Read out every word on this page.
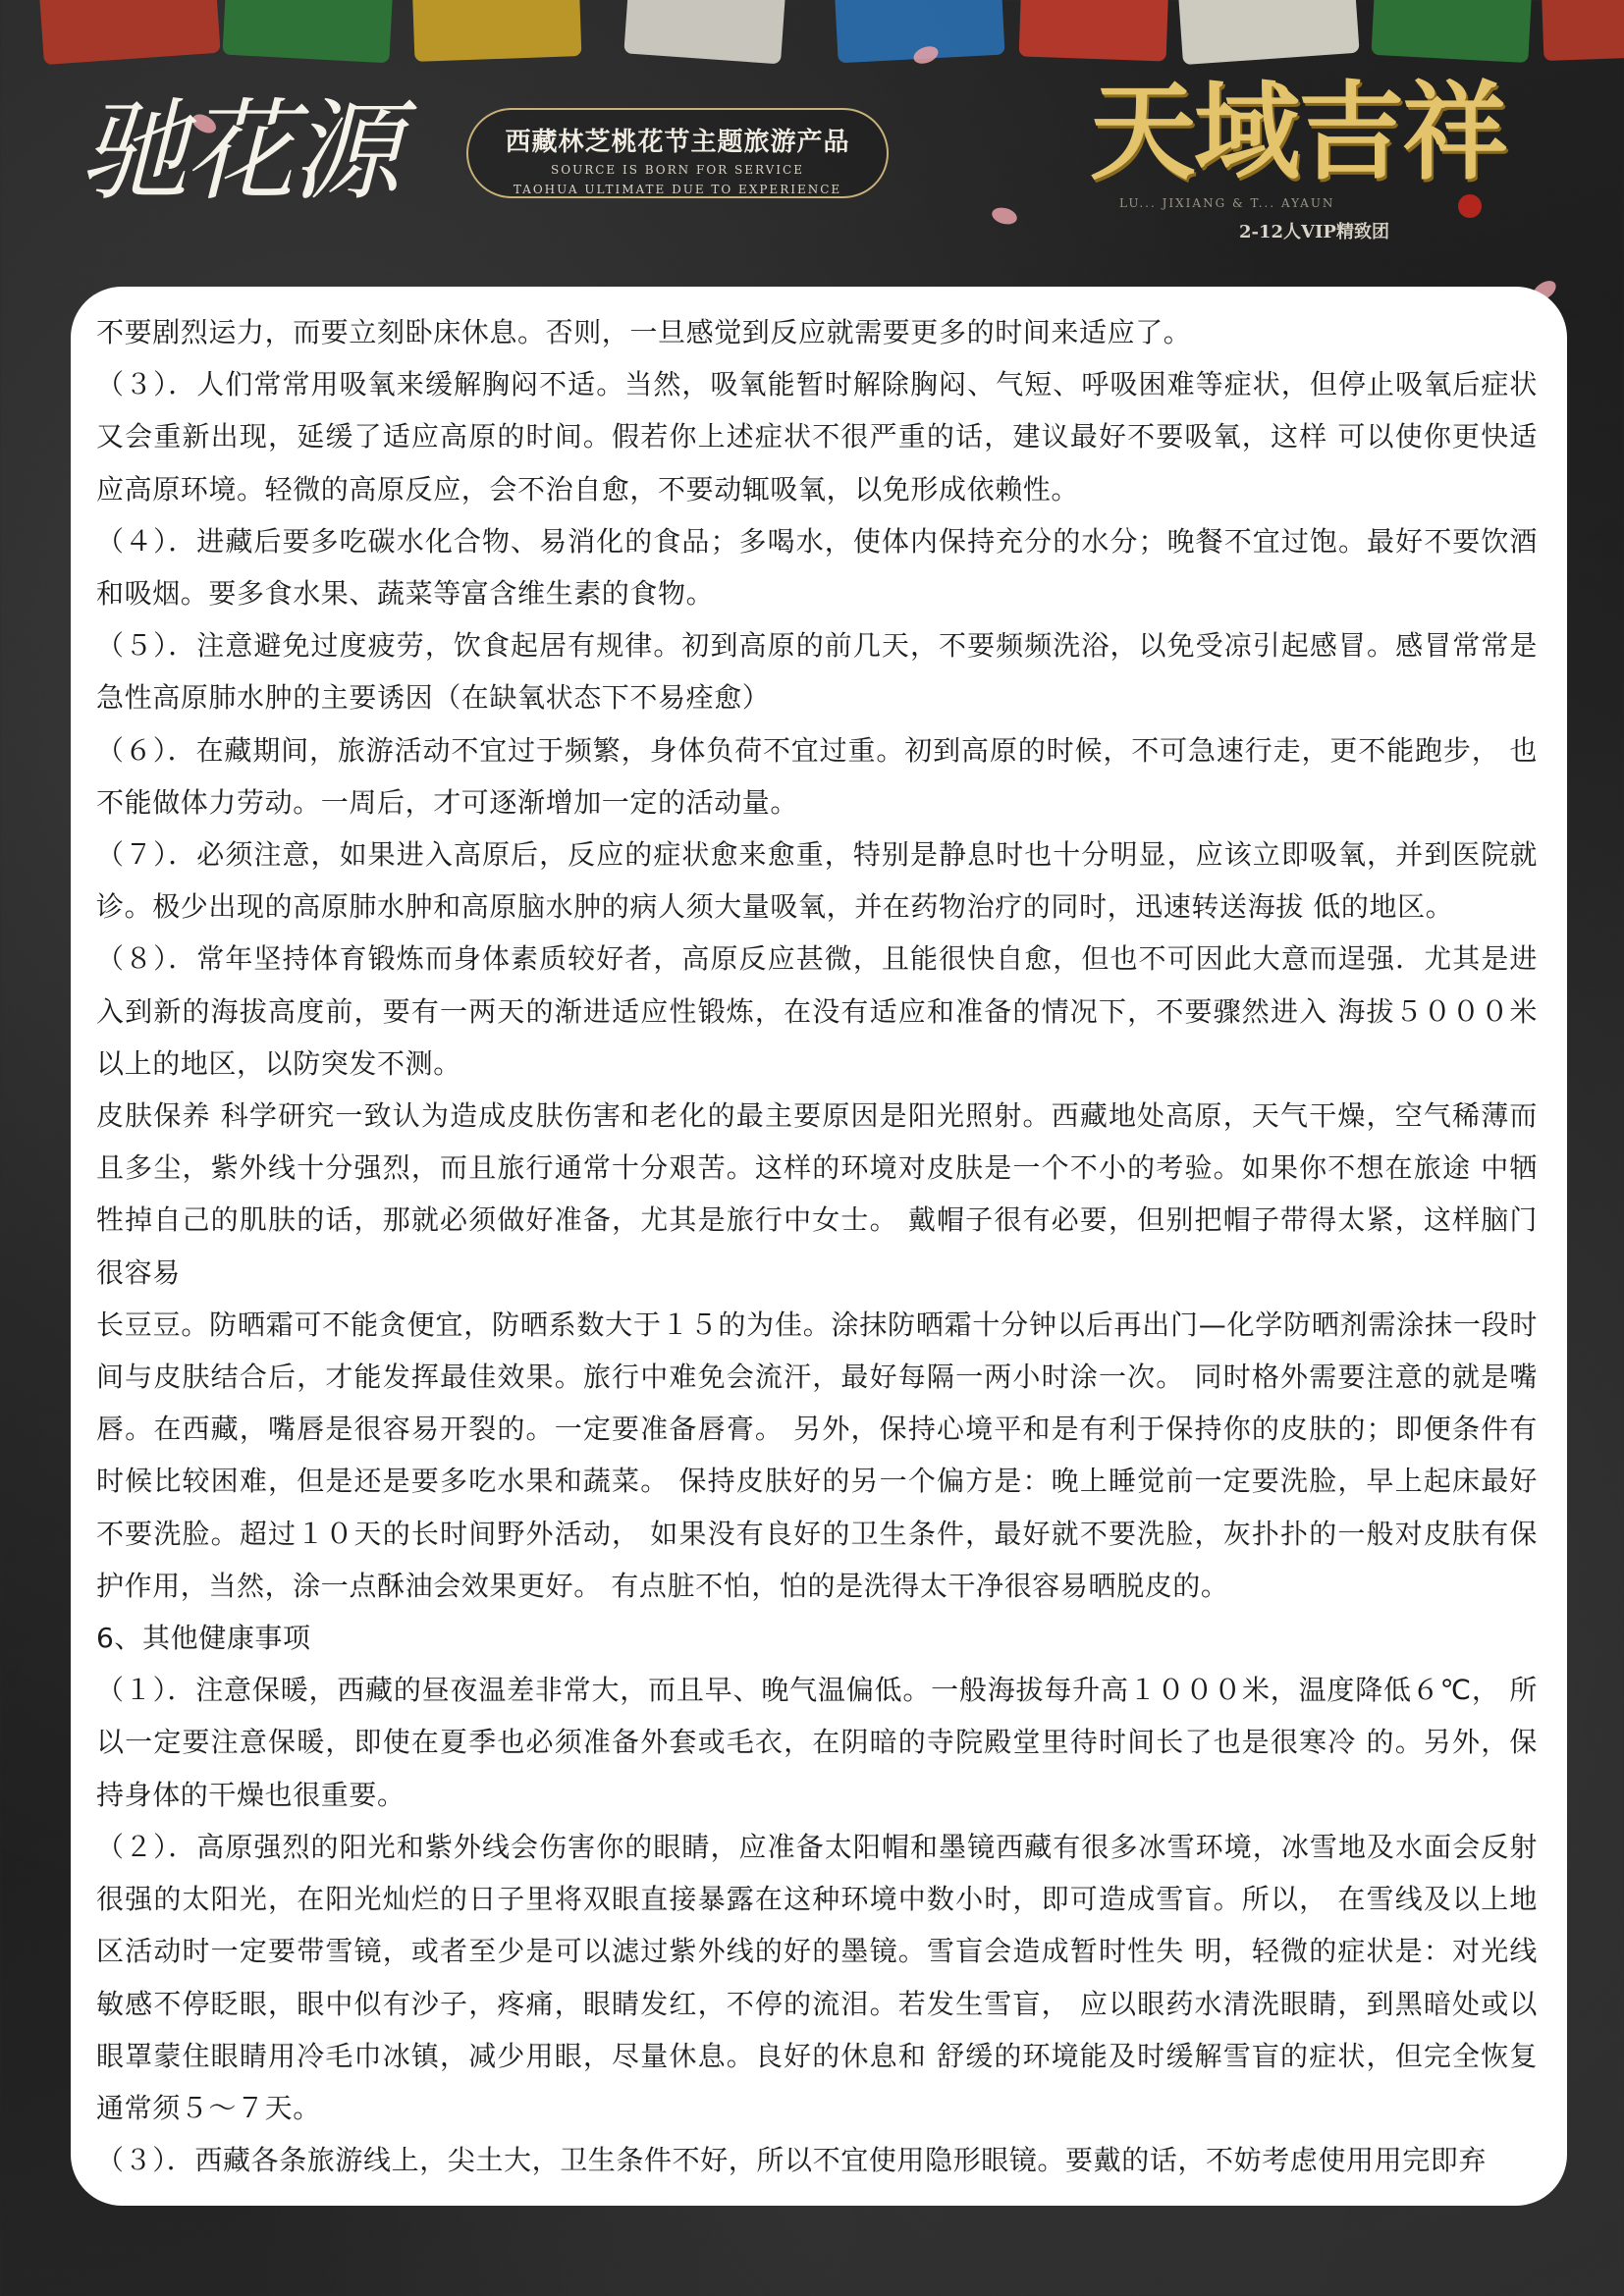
驰花源	西藏林芝桃花节主题旅游产品
SOURCE IS BORN FOR SERVICE
TAOHUA ULTIMATE DUE TO EXPERIENCE	天域吉祥
LU... JIXIANG & T... AYAUN
2-12人VIP精致团

不要剧烈运力，而要立刻卧床休息。否则，一旦感觉到反应就需要更多的时间来适应了。

（３）．人们常常用吸氧来缓解胸闷不适。当然，吸氧能暂时解除胸闷、气短、呼吸困难等症状，但停止吸氧后症状又会重新出现，延缓了适应高原的时间。假若你上述症状不很严重的话，建议最好不要吸氧，这样 可以使你更快适应高原环境。轻微的高原反应，会不治自愈，不要动辄吸氧，以免形成依赖性。

（４）．进藏后要多吃碳水化合物、易消化的食品；多喝水，使体内保持充分的水分；晚餐不宜过饱。最好不要饮酒和吸烟。要多食水果、蔬菜等富含维生素的食物。

（５）．注意避免过度疲劳，饮食起居有规律。初到高原的前几天，不要频频洗浴，以免受凉引起感冒。感冒常常是急性高原肺水肿的主要诱因（在缺氧状态下不易痊愈）

（６）．在藏期间，旅游活动不宜过于频繁，身体负荷不宜过重。初到高原的时候，不可急速行走，更不能跑步， 也不能做体力劳动。一周后，才可逐渐增加一定的活动量。

（７）．必须注意，如果进入高原后，反应的症状愈来愈重，特别是静息时也十分明显，应该立即吸氧，并到医院就诊。极少出现的高原肺水肿和高原脑水肿的病人须大量吸氧，并在药物治疗的同时，迅速转送海拔 低的地区。

（８）．常年坚持体育锻炼而身体素质较好者，高原反应甚微，且能很快自愈，但也不可因此大意而逞强．尤其是进入到新的海拔高度前，要有一两天的渐进适应性锻炼，在没有适应和准备的情况下，不要骤然进入 海拔５０００米以上的地区，以防突发不测。

皮肤保养 科学研究一致认为造成皮肤伤害和老化的最主要原因是阳光照射。西藏地处高原，天气干燥，空气稀薄而且多尘，紫外线十分强烈，而且旅行通常十分艰苦。这样的环境对皮肤是一个不小的考验。如果你不想在旅途 中牺牲掉自己的肌肤的话，那就必须做好准备，尤其是旅行中女士。 戴帽子很有必要，但别把帽子带得太紧，这样脑门很容易

长豆豆。防晒霜可不能贪便宜，防晒系数大于１５的为佳。涂抹防晒霜十分钟以后再出门—化学防晒剂需涂抹一段时间与皮肤结合后，才能发挥最佳效果。旅行中难免会流汗，最好每隔一两小时涂一次。 同时格外需要注意的就是嘴唇。在西藏，嘴唇是很容易开裂的。一定要准备唇膏。 另外，保持心境平和是有利于保持你的皮肤的；即便条件有时候比较困难，但是还是要多吃水果和蔬菜。 保持皮肤好的另一个偏方是：晚上睡觉前一定要洗脸，早上起床最好不要洗脸。超过１０天的长时间野外活动， 如果没有良好的卫生条件，最好就不要洗脸，灰扑扑的一般对皮肤有保护作用，当然，涂一点酥油会效果更好。 有点脏不怕，怕的是洗得太干净很容易晒脱皮的。

6、其他健康事项

（１）．注意保暖，西藏的昼夜温差非常大，而且早、晚气温偏低。一般海拔每升高１０００米，温度降低６℃， 所以一定要注意保暖，即使在夏季也必须准备外套或毛衣，在阴暗的寺院殿堂里待时间长了也是很寒冷 的。另外，保持身体的干燥也很重要。

（２）．高原强烈的阳光和紫外线会伤害你的眼睛，应准备太阳帽和墨镜西藏有很多冰雪环境，冰雪地及水面会反射很强的太阳光，在阳光灿烂的日子里将双眼直接暴露在这种环境中数小时，即可造成雪盲。所以， 在雪线及以上地区活动时一定要带雪镜，或者至少是可以滤过紫外线的好的墨镜。雪盲会造成暂时性失 明，轻微的症状是：对光线敏感不停眨眼，眼中似有沙子，疼痛，眼睛发红，不停的流泪。若发生雪盲， 应以眼药水清洗眼睛，到黑暗处或以眼罩蒙住眼睛用冷毛巾冰镇，减少用眼，尽量休息。良好的休息和 舒缓的环境能及时缓解雪盲的症状，但完全恢复通常须５～７天。

（３）．西藏各条旅游线上，尖土大，卫生条件不好，所以不宜使用隐形眼镜。要戴的话，不妨考虑使用用完即弃
